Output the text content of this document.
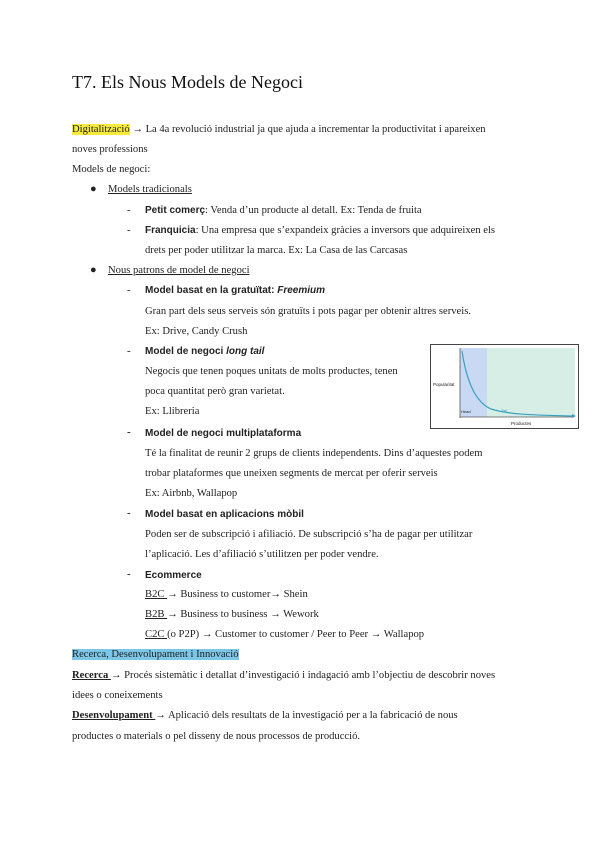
T7. Els Nous Models de Negoci
Digitalització → La 4a revolució industrial ja que ajuda a incrementar la productivitat i apareixen
noves professions
Models de negoci:
● Models tradicionals
- Petit comerç: Venda d’un producte al detall. Ex: Tenda de fruita
- Franquicia: Una empresa que s’expandeix gràcies a inversors que adquireixen els
drets per poder utilitzar la marca. Ex: La Casa de las Carcasas
● Nous patrons de model de negoci
- Model basat en la gratuïtat: Freemium
Gran part dels seus serveis són gratuïts i pots pagar per obtenir altres serveis.
Ex: Drive, Candy Crush
- Model de negoci long tail
Negocis que tenen poques unitats de molts productes, tenen
poca quantitat però gran varietat.
Ex: Llibreria
Popularitat
Productes
Head	Tail
- Model de negoci multiplataforma
Té la finalitat de reunir 2 grups de clients independents. Dins d’aquestes podem
trobar plataformes que uneixen segments de mercat per oferir serveis
Ex: Airbnb, Wallapop
- Model basat en aplicacions mòbil
Poden ser de subscripció i afiliació. De subscripció s’ha de pagar per utilitzar
l’aplicació. Les d’afiliació s’utilitzen per poder vendre.
- Ecommerce
B2C → Business to customer→ Shein
B2B → Business to business → Wework
C2C (o P2P) → Customer to customer / Peer to Peer → Wallapop
Recerca, Desenvolupament i Innovació
Recerca → Procés sistemàtic i detallat d’investigació i indagació amb l’objectiu de descobrir noves
idees o coneixements
Desenvolupament → Aplicació dels resultats de la investigació per a la fabricació de nous
productes o materials o pel disseny de nous processos de producció.
